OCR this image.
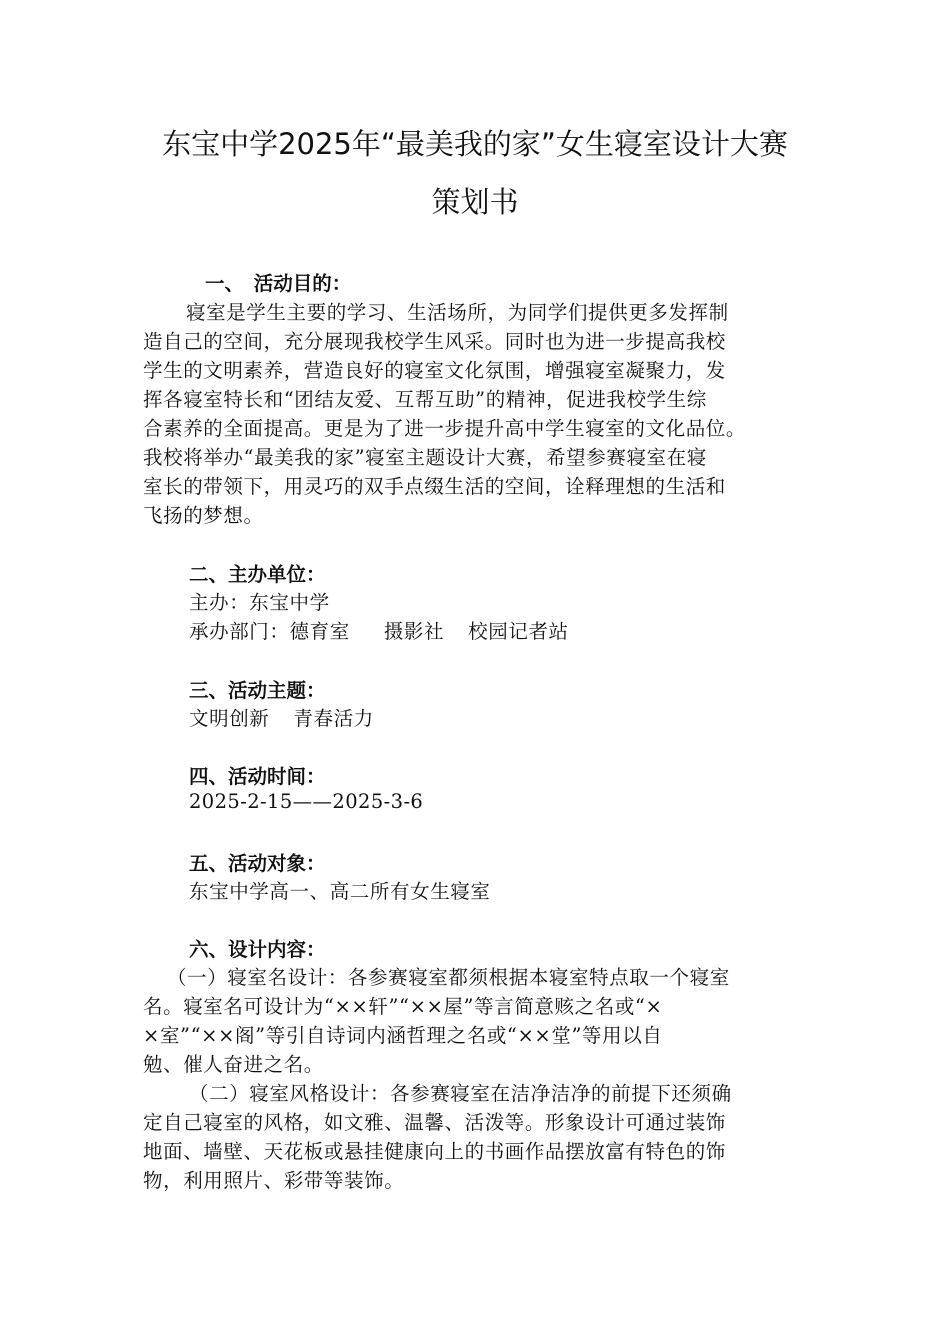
东宝中学2025年“最美我的家”女生寝室设计大赛
策划书
一、　活动目的：
寝室是学生主要的学习、生活场所，为同学们提供更多发挥制
造自己的空间，充分展现我校学生风采。同时也为进一步提高我校
学生的文明素养，营造良好的寝室文化氛围，增强寝室凝聚力，发
挥各寝室特长和“团结友爱、互帮互助”的精神，促进我校学生综
合素养的全面提高。更是为了进一步提升高中学生寝室的文化品位。
我校将举办“最美我的家”寝室主题设计大赛，希望参赛寝室在寝
室长的带领下，用灵巧的双手点缀生活的空间，诠释理想的生活和
飞扬的梦想。
二、主办单位：
主办：东宝中学
承办部门：德育室 摄影社 校园记者站
三、活动主题：
文明创新 青春活力
四、活动时间：
2025-2-15——2025-3-6
五、活动对象：
东宝中学高一、高二所有女生寝室
六、设计内容：
（一）寝室名设计：各参赛寝室都须根据本寝室特点取一个寝室
名。寝室名可设计为“××轩”“××屋”等言简意赅之名或“×
×室”“××阁”等引自诗词内涵哲理之名或“××堂”等用以自
勉、催人奋进之名。
（二）寝室风格设计：各参赛寝室在洁净洁净的前提下还须确
定自己寝室的风格，如文雅、温馨、活泼等。形象设计可通过装饰
地面、墙壁、天花板或悬挂健康向上的书画作品摆放富有特色的饰
物，利用照片、彩带等装饰。
